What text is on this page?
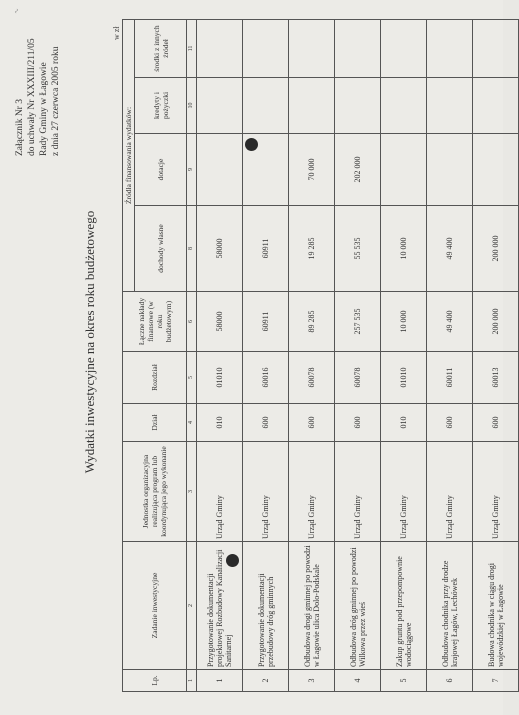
~
Załącznik Nr 3 do uchwały Nr XXXIII/211/05 Rady Gminy w Łagowie z dnia 27 czerwca 2005 roku
Wydatki inwestycyjne na okres roku budżetowego
w zł
Lp.	Zadanie inwestycyjne	Jednostka organizacyjna realizująca program lub koordynująca jego wykonanie	Dział	Rozdział	Łączne nakłady finansowe (w roku budżetowym)	Źródła finansowania wydatków:			
						dochody własne	dotacje	kredyty i pożyczki	środki z innych źródeł
1	2	3	4	5	6	8	9	10	11
1	Przygotowanie dokumentacji projektowej Rozbudowy Kanalizacji Sanitarnej	Urząd Gminy	010	01010	58000	58000			
2	Przygotowanie dokumentacji przebudowy dróg gminnych	Urząd Gminy	600	60016	60911	60911			
3	Odbudowa drogi gminnej po powodzi w Łagowie ulica Dolo-Podskale	Urząd Gminy	600	60078	89 285	19 285	70 000		
4	Odbudowa dróg gminnej po powodzi Wilkowa przez wieś	Urząd Gminy	600	60078	257 535	55 535	202 000		
5	Zakup gruntu pod przepompownie wodociągowe	Urząd Gminy	010	01010	10 000	10 000			
6	Odbudowa chodnika przy drodze krajowej Łagów, Lechówek	Urząd Gminy	600	60011	49 400	49 400			
7	Budowa chodnika w ciągu drogi wojewódzkiej w Łagowie	Urząd Gminy	600	60013	200 000	200 000			
